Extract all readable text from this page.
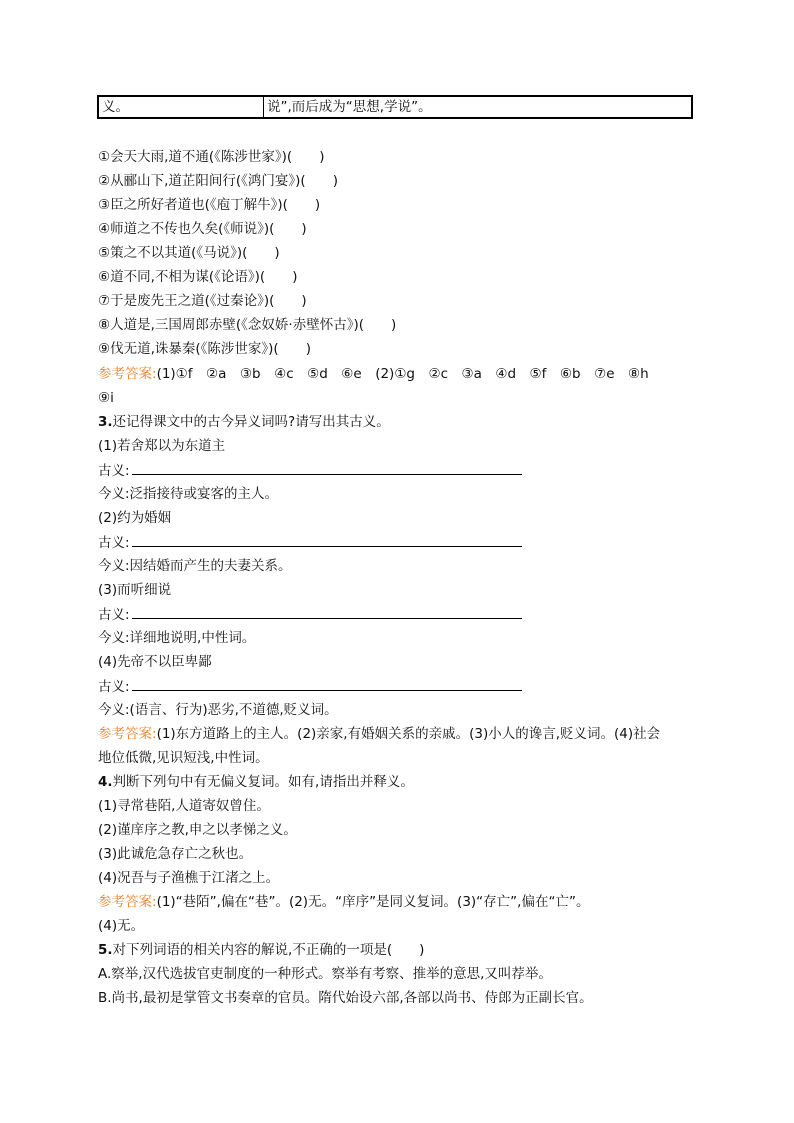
义。	说”,而后成为“思想,学说”。
①会天大雨,道不通(《陈涉世家》)(　　)
②从郦山下,道芷阳间行(《鸿门宴》)(　　)
③臣之所好者道也(《庖丁解牛》)(　　)
④师道之不传也久矣(《师说》)(　　)
⑤策之不以其道(《马说》)(　　)
⑥道不同,不相为谋(《论语》)(　　)
⑦于是废先王之道(《过秦论》)(　　)
⑧人道是,三国周郎赤壁(《念奴娇·赤壁怀古》)(　　)
⑨伐无道,诛暴秦(《陈涉世家》)(　　)
参考答案:(1)①f　②a　③b　④c　⑤d　⑥e　(2)①g　②c　③a　④d　⑤f　⑥b　⑦e　⑧h
⑨i
3.还记得课文中的古今异义词吗?请写出其古义。
(1)若舍郑以为东道主
古义:
今义:泛指接待或宴客的主人。
(2)约为婚姻
古义:
今义:因结婚而产生的夫妻关系。
(3)而听细说
古义:
今义:详细地说明,中性词。
(4)先帝不以臣卑鄙
古义:
今义:(语言、行为)恶劣,不道德,贬义词。
参考答案:(1)东方道路上的主人。(2)亲家,有婚姻关系的亲戚。(3)小人的谗言,贬义词。(4)社会
地位低微,见识短浅,中性词。
4.判断下列句中有无偏义复词。如有,请指出并释义。
(1)寻常巷陌,人道寄奴曾住。
(2)谨庠序之教,申之以孝悌之义。
(3)此诚危急存亡之秋也。
(4)况吾与子渔樵于江渚之上。
参考答案:(1)“巷陌”,偏在“巷”。(2)无。“庠序”是同义复词。(3)“存亡”,偏在“亡”。
(4)无。
5.对下列词语的相关内容的解说,不正确的一项是(　　)
A.察举,汉代选拔官吏制度的一种形式。察举有考察、推举的意思,又叫荐举。
B.尚书,最初是掌管文书奏章的官员。隋代始设六部,各部以尚书、侍郎为正副长官。
